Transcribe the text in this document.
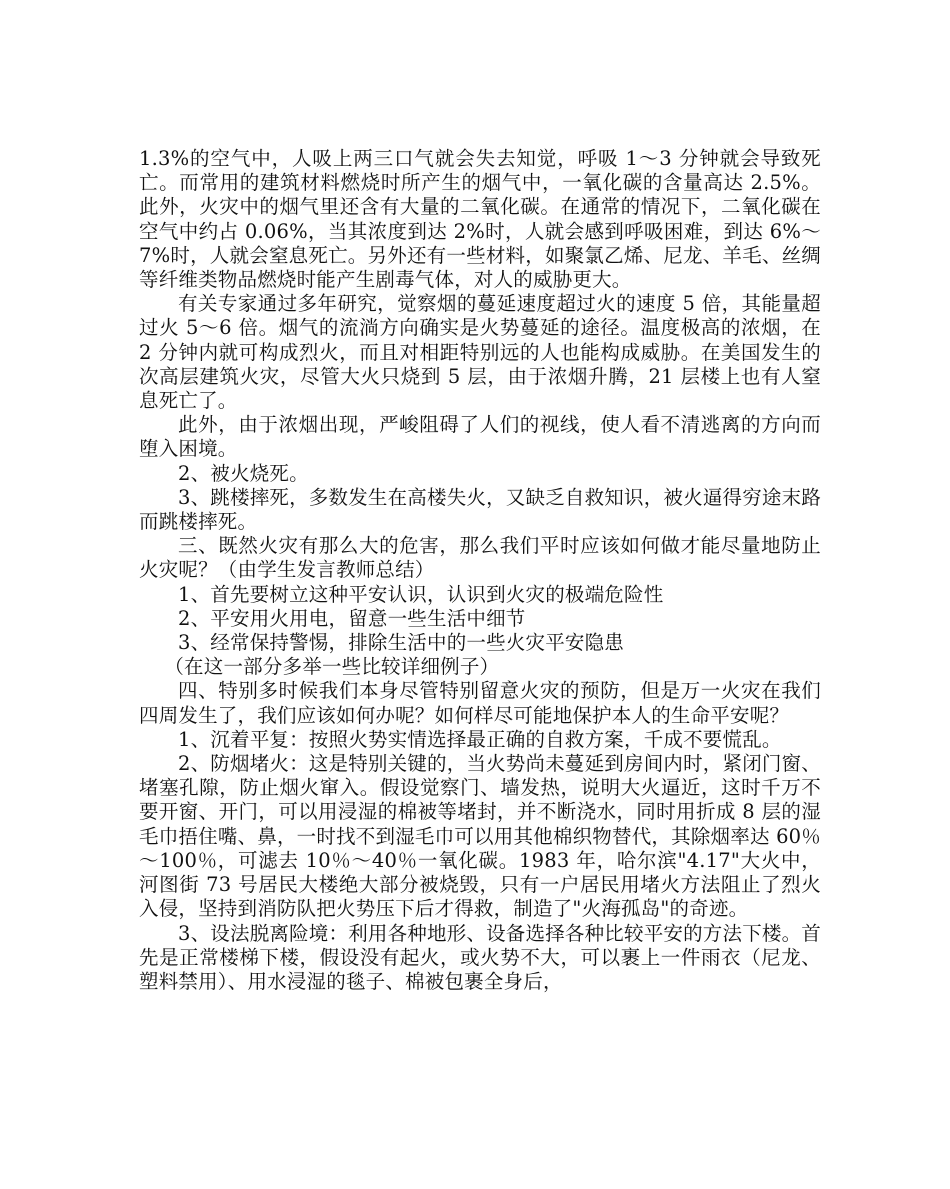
1.3%的空气中，人吸上两三口气就会失去知觉，呼吸 1～3 分钟就会导致死亡。而常用的建筑材料燃烧时所产生的烟气中，一氧化碳的含量高达 2.5%。此外，火灾中的烟气里还含有大量的二氧化碳。在通常的情况下，二氧化碳在空气中约占 0.06%，当其浓度到达 2%时，人就会感到呼吸困难，到达 6%～7%时，人就会窒息死亡。另外还有一些材料，如聚氯乙烯、尼龙、羊毛、丝绸等纤维类物品燃烧时能产生剧毒气体，对人的威胁更大。

有关专家通过多年研究，觉察烟的蔓延速度超过火的速度 5 倍，其能量超过火 5～6 倍。烟气的流淌方向确实是火势蔓延的途径。温度极高的浓烟，在 2 分钟内就可构成烈火，而且对相距特别远的人也能构成威胁。在美国发生的次高层建筑火灾，尽管大火只烧到 5 层，由于浓烟升腾，21 层楼上也有人窒息死亡了。

此外，由于浓烟出现，严峻阻碍了人们的视线，使人看不清逃离的方向而堕入困境。

2、被火烧死。

3、跳楼摔死，多数发生在高楼失火，又缺乏自救知识，被火逼得穷途末路而跳楼摔死。

三、既然火灾有那么大的危害，那么我们平时应该如何做才能尽量地防止火灾呢？（由学生发言教师总结）

1、首先要树立这种平安认识，认识到火灾的极端危险性

2、平安用火用电，留意一些生活中细节

3、经常保持警惕，排除生活中的一些火灾平安隐患

（在这一部分多举一些比较详细例子）

四、特别多时候我们本身尽管特别留意火灾的预防，但是万一火灾在我们四周发生了，我们应该如何办呢？如何样尽可能地保护本人的生命平安呢？

1、沉着平复：按照火势实情选择最正确的自救方案，千成不要慌乱。

2、防烟堵火：这是特别关键的，当火势尚未蔓延到房间内时，紧闭门窗、堵塞孔隙，防止烟火窜入。假设觉察门、墙发热，说明大火逼近，这时千万不要开窗、开门，可以用浸湿的棉被等堵封，并不断浇水，同时用折成 8 层的湿毛巾捂住嘴、鼻，一时找不到湿毛巾可以用其他棉织物替代，其除烟率达 60％～100％，可滤去 10％～40％一氧化碳。1983 年，哈尔滨"4.17"大火中，河图街 73 号居民大楼绝大部分被烧毁，只有一户居民用堵火方法阻止了烈火入侵，坚持到消防队把火势压下后才得救，制造了"火海孤岛"的奇迹。

3、设法脱离险境：利用各种地形、设备选择各种比较平安的方法下楼。首先是正常楼梯下楼，假设没有起火，或火势不大，可以裹上一件雨衣（尼龙、塑料禁用）、用水浸湿的毯子、棉被包裹全身后，
